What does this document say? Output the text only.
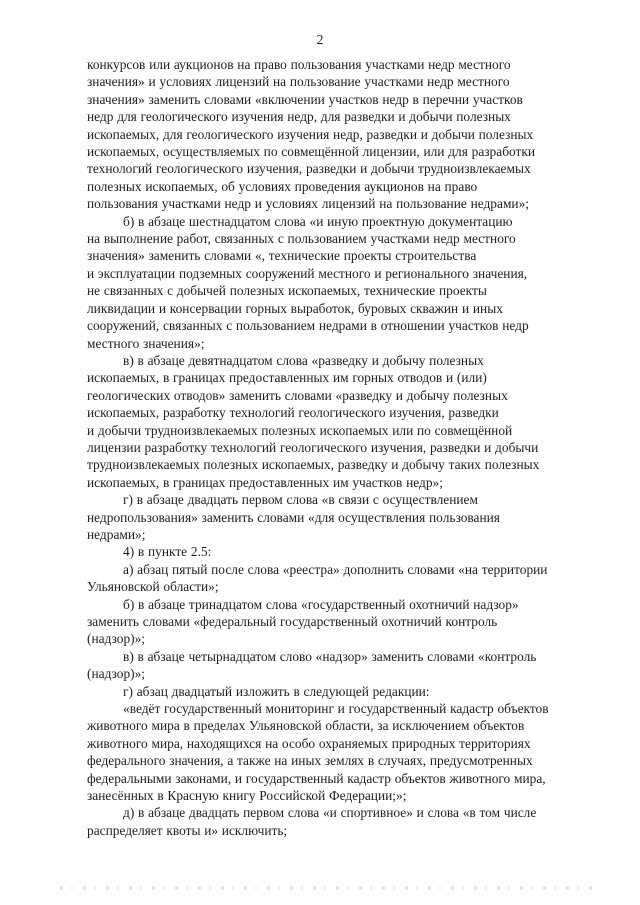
2

конкурсов или аукционов на право пользования участками недр местного
значения» и условиях лицензий на пользование участками недр местного
значения» заменить словами «включении участков недр в перечни участков
недр для геологического изучения недр, для разведки и добычи полезных
ископаемых, для геологического изучения недр, разведки и добычи полезных
ископаемых, осуществляемых по совмещённой лицензии, или для разработки
технологий геологического изучения, разведки и добычи трудноизвлекаемых
полезных ископаемых, об условиях проведения аукционов на право
пользования участками недр и условиях лицензий на пользование недрами»;

б) в абзаце шестнадцатом слова «и иную проектную документацию
на выполнение работ, связанных с пользованием участками недр местного
значения» заменить словами «, технические проекты строительства
и эксплуатации подземных сооружений местного и регионального значения,
не связанных с добычей полезных ископаемых, технические проекты
ликвидации и консервации горных выработок, буровых скважин и иных
сооружений, связанных с пользованием недрами в отношении участков недр
местного значения»;

в) в абзаце девятнадцатом слова «разведку и добычу полезных
ископаемых, в границах предоставленных им горных отводов и (или)
геологических отводов» заменить словами «разведку и добычу полезных
ископаемых, разработку технологий геологического изучения, разведки
и добычи трудноизвлекаемых полезных ископаемых или по совмещённой
лицензии разработку технологий геологического изучения, разведки и добычи
трудноизвлекаемых полезных ископаемых, разведку и добычу таких полезных
ископаемых, в границах предоставленных им участков недр»;

г) в абзаце двадцать первом слова «в связи с осуществлением
недропользования» заменить словами «для осуществления пользования
недрами»;

4) в пункте 2.5:

а) абзац пятый после слова «реестра» дополнить словами «на территории
Ульяновской области»;

б) в абзаце тринадцатом слова «государственный охотничий надзор»
заменить словами «федеральный государственный охотничий контроль
(надзор)»;

в) в абзаце четырнадцатом слово «надзор» заменить словами «контроль
(надзор)»;

г) абзац двадцатый изложить в следующей редакции:

«ведёт государственный мониторинг и государственный кадастр объектов
животного мира в пределах Ульяновской области, за исключением объектов
животного мира, находящихся на особо охраняемых природных территориях
федерального значения, а также на иных землях в случаях, предусмотренных
федеральными законами, и государственный кадастр объектов животного мира,
занесённых в Красную книгу Российской Федерации;»;

д) в абзаце двадцать первом слова «и спортивное» и слова «в том числе
распределяет квоты и» исключить;
